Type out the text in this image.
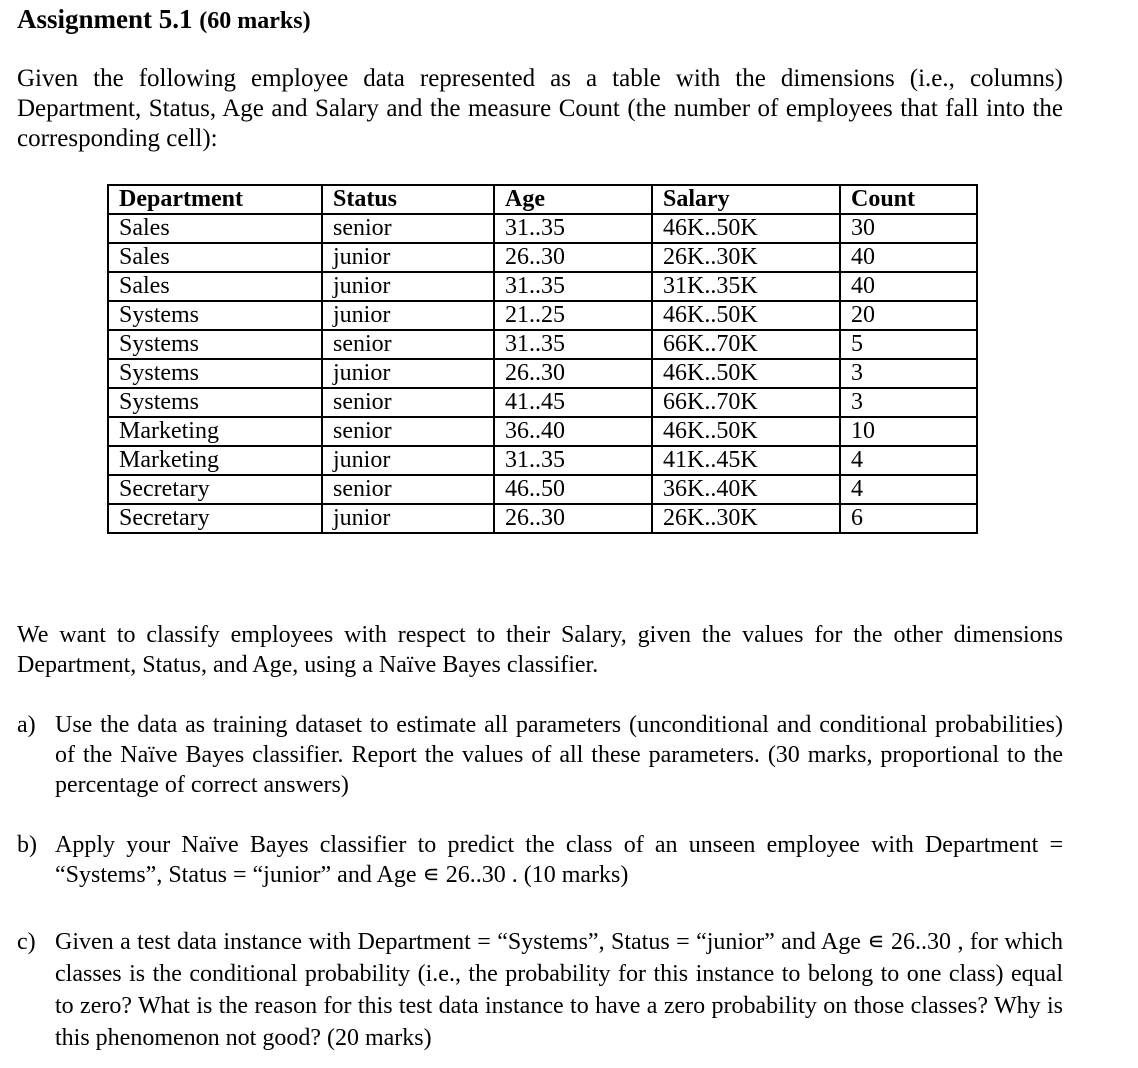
Assignment 5.1 (60 marks)
Given the following employee data represented as a table with the dimensions (i.e., columns) Department, Status, Age and Salary and the measure Count (the number of employees that fall into the corresponding cell):
Department	Status	Age	Salary	Count
Sales	senior	31..35	46K..50K	30
Sales	junior	26..30	26K..30K	40
Sales	junior	31..35	31K..35K	40
Systems	junior	21..25	46K..50K	20
Systems	senior	31..35	66K..70K	5
Systems	junior	26..30	46K..50K	3
Systems	senior	41..45	66K..70K	3
Marketing	senior	36..40	46K..50K	10
Marketing	junior	31..35	41K..45K	4
Secretary	senior	46..50	36K..40K	4
Secretary	junior	26..30	26K..30K	6
We want to classify employees with respect to their Salary, given the values for the other dimensions Department, Status, and Age, using a Naïve Bayes classifier.
a) Use the data as training dataset to estimate all parameters (unconditional and conditional probabilities) of the Naïve Bayes classifier. Report the values of all these parameters. (30 marks, proportional to the percentage of correct answers)
b) Apply your Naïve Bayes classifier to predict the class of an unseen employee with Department = “Systems”, Status = “junior” and Age ∊ 26..30 . (10 marks)
c) Given a test data instance with Department = “Systems”, Status = “junior” and Age ∊ 26..30 , for which classes is the conditional probability (i.e., the probability for this instance to belong to one class) equal to zero? What is the reason for this test data instance to have a zero probability on those classes? Why is this phenomenon not good? (20 marks)
